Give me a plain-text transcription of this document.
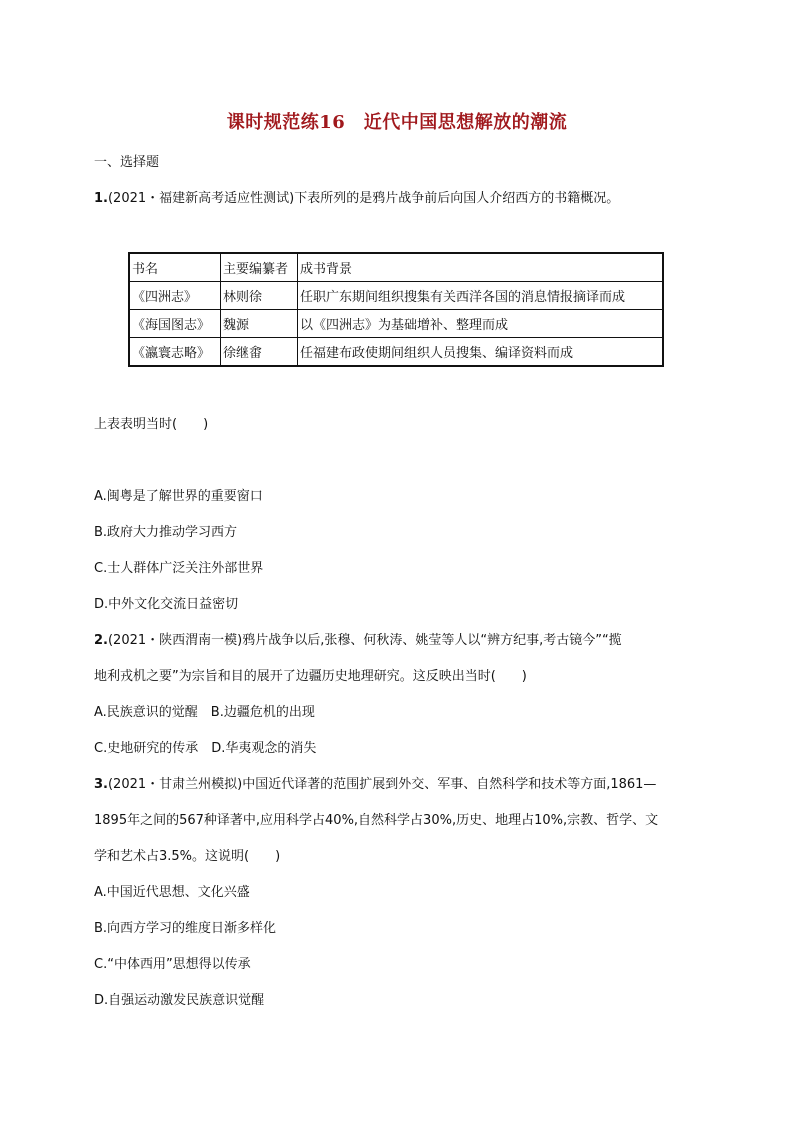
课时规范练16　近代中国思想解放的潮流
一、选择题
1.(2021・福建新高考适应性测试)下表所列的是鸦片战争前后向国人介绍西方的书籍概况。
书名	主要编纂者	成书背景
《四洲志》	林则徐	任职广东期间组织搜集有关西洋各国的消息情报摘译而成
《海国图志》	魏源	以《四洲志》为基础增补、整理而成
《瀛寰志略》	徐继畬	任福建布政使期间组织人员搜集、编译资料而成
上表表明当时(　　)
A.闽粤是了解世界的重要窗口
B.政府大力推动学习西方
C.士人群体广泛关注外部世界
D.中外文化交流日益密切
2.(2021・陕西渭南一模)鸦片战争以后,张穆、何秋涛、姚莹等人以“辨方纪事,考古镜今”“揽
地利戎机之要”为宗旨和目的展开了边疆历史地理研究。这反映出当时(　　)
A.民族意识的觉醒　B.边疆危机的出现
C.史地研究的传承　D.华夷观念的消失
3.(2021・甘肃兰州模拟)中国近代译著的范围扩展到外交、军事、自然科学和技术等方面,1861—
1895年之间的567种译著中,应用科学占40%,自然科学占30%,历史、地理占10%,宗教、哲学、文
学和艺术占3.5%。这说明(　　)
A.中国近代思想、文化兴盛
B.向西方学习的维度日渐多样化
C.“中体西用”思想得以传承
D.自强运动激发民族意识觉醒
